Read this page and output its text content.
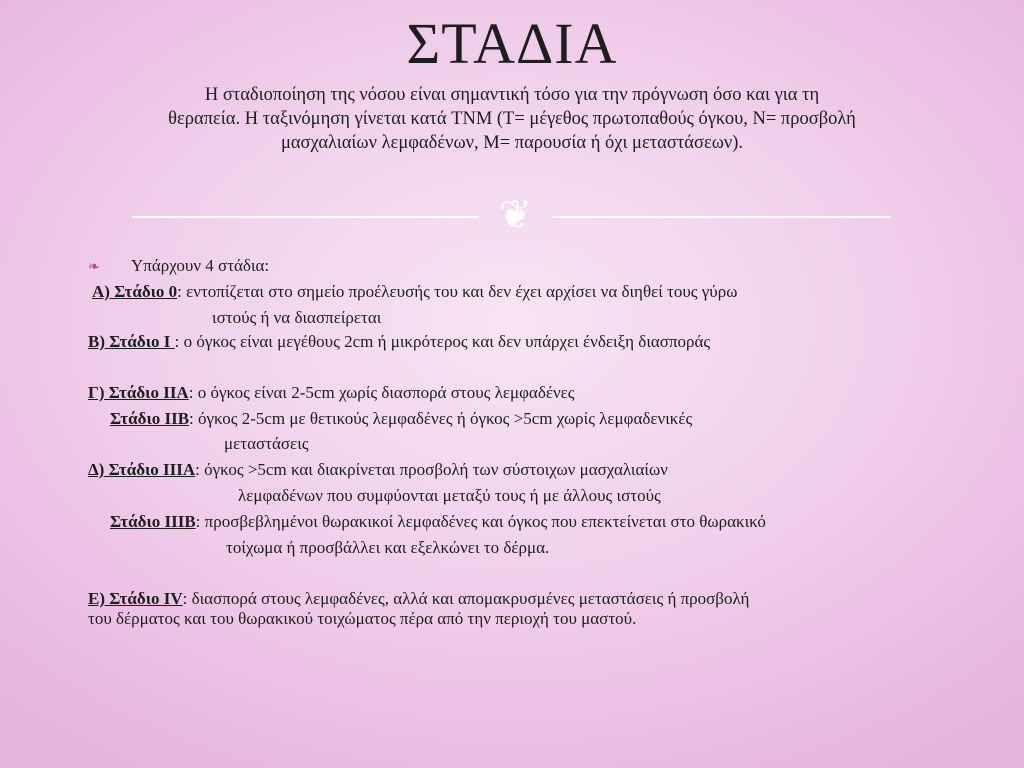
ΣΤΑΔΙΑ
Η σταδιοποίηση της νόσου είναι σημαντική τόσο για την πρόγνωση όσο και για τη
θεραπεία. Η ταξινόμηση γίνεται κατά TNM (T= μέγεθος πρωτοπαθούς όγκου, N= προσβολή
μασχαλιαίων λεμφαδένων, M= παρουσία ή όχι μεταστάσεων).
❦
❧	Υπάρχουν 4 στάδια:
Α) Στάδιο 0: εντοπίζεται στο σημείο προέλευσής του και δεν έχει αρχίσει να διηθεί τους γύρω
ιστούς ή να διασπείρεται
Β) Στάδιο Ι : ο όγκος είναι μεγέθους 2cm ή μικρότερος και δεν υπάρχει ένδειξη διασποράς
Γ) Στάδιο ΙΙΑ: ο όγκος είναι 2-5cm χωρίς διασπορά στους λεμφαδένες
Στάδιο ΙΙΒ: όγκος 2-5cm με θετικούς λεμφαδένες ή όγκος >5cm χωρίς λεμφαδενικές
μεταστάσεις
Δ) Στάδιο ΙΙΙΑ: όγκος >5cm και διακρίνεται προσβολή των σύστοιχων μασχαλιαίων
λεμφαδένων που συμφύονται μεταξύ τους ή με άλλους ιστούς
Στάδιο ΙΙΙΒ: προσβεβλημένοι θωρακικοί λεμφαδένες και όγκος που επεκτείνεται στο θωρακικό
τοίχωμα ή προσβάλλει και εξελκώνει το δέρμα.
Ε) Στάδιο IV: διασπορά στους λεμφαδένες, αλλά και απομακρυσμένες μεταστάσεις ή προσβολή
του δέρματος και του θωρακικού τοιχώματος πέρα από την περιοχή του μαστού.
